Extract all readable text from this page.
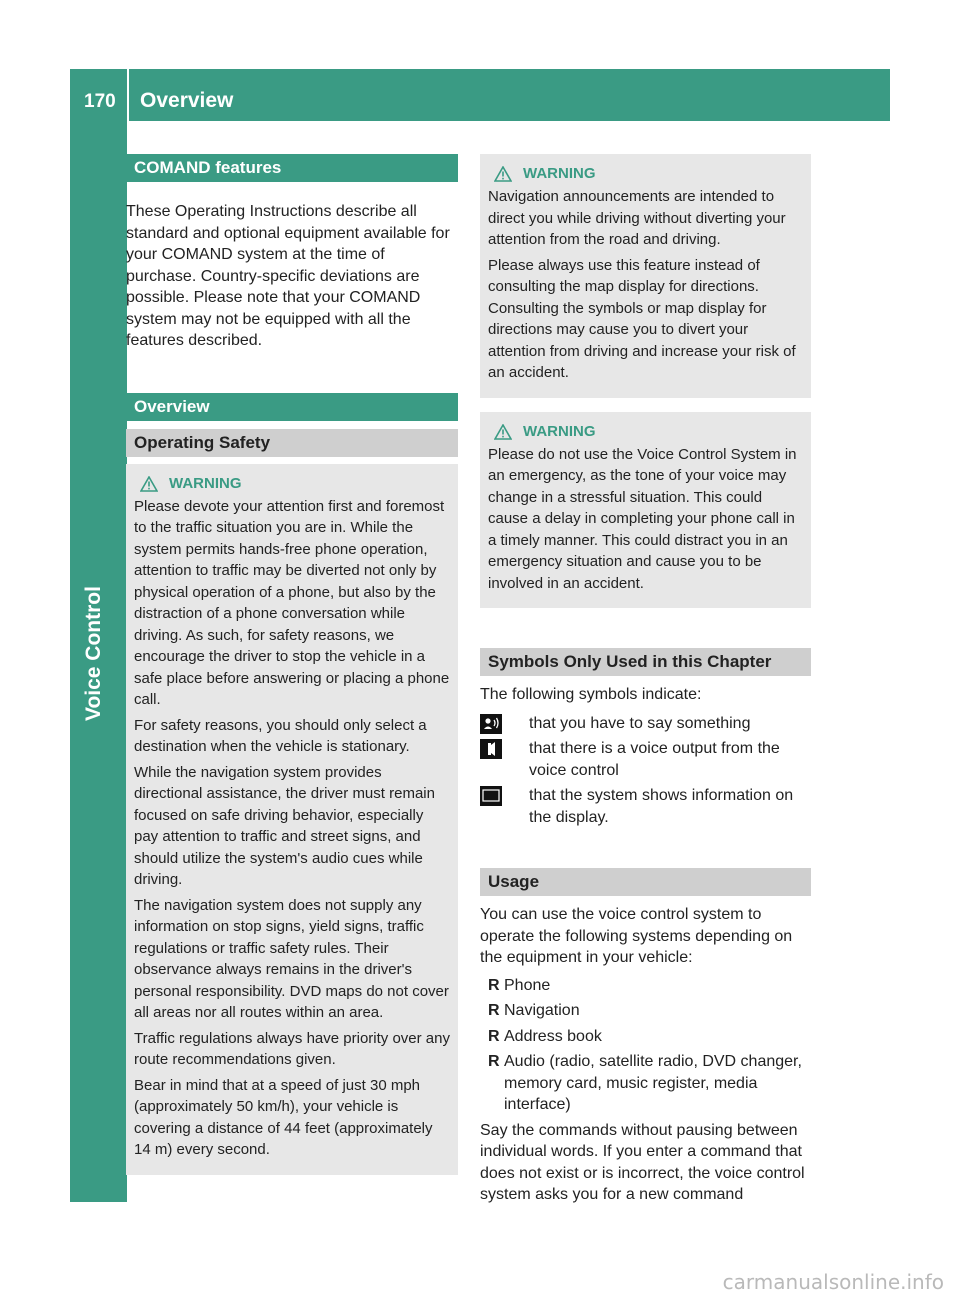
170 Overview
Voice Control
COMAND features

These Operating Instructions describe all standard and optional equipment available for your COMAND system at the time of purchase. Country-specific deviations are possible. Please note that your COMAND system may not be equipped with all the features described.

Overview
Operating Safety
WARNING

Please devote your attention first and foremost to the traffic situation you are in. While the system permits hands-free phone operation, attention to traffic may be diverted not only by physical operation of a phone, but also by the distraction of a phone conversation while driving. As such, for safety reasons, we encourage the driver to stop the vehicle in a safe place before answering or placing a phone call.

For safety reasons, you should only select a destination when the vehicle is stationary.

While the navigation system provides directional assistance, the driver must remain focused on safe driving behavior, especially pay attention to traffic and street signs, and should utilize the system's audio cues while driving.

The navigation system does not supply any information on stop signs, yield signs, traffic regulations or traffic safety rules. Their observance always remains in the driver's personal responsibility. DVD maps do not cover all areas nor all routes within an area.

Traffic regulations always have priority over any route recommendations given.

Bear in mind that at a speed of just 30 mph (approximately 50 km/h), your vehicle is covering a distance of 44 feet (approximately 14 m) every second.

WARNING

Navigation announcements are intended to direct you while driving without diverting your attention from the road and driving.

Please always use this feature instead of consulting the map display for directions. Consulting the symbols or map display for directions may cause you to divert your attention from driving and increase your risk of an accident.

WARNING

Please do not use the Voice Control System in an emergency, as the tone of your voice may change in a stressful situation. This could cause a delay in completing your phone call in a timely manner. This could distract you in an emergency situation and cause you to be involved in an accident.

Symbols Only Used in this Chapter

The following symbols indicate:

that you have to say something
that there is a voice output from the voice control
that the system shows information on the display.
Usage

You can use the voice control system to operate the following systems depending on the equipment in your vehicle:

R Phone
R Navigation
R Address book
R Audio (radio, satellite radio, DVD changer, memory card, music register, media interface)

Say the commands without pausing between individual words. If you enter a command that does not exist or is incorrect, the voice control system asks you for a new command

carmanualsonline.info
